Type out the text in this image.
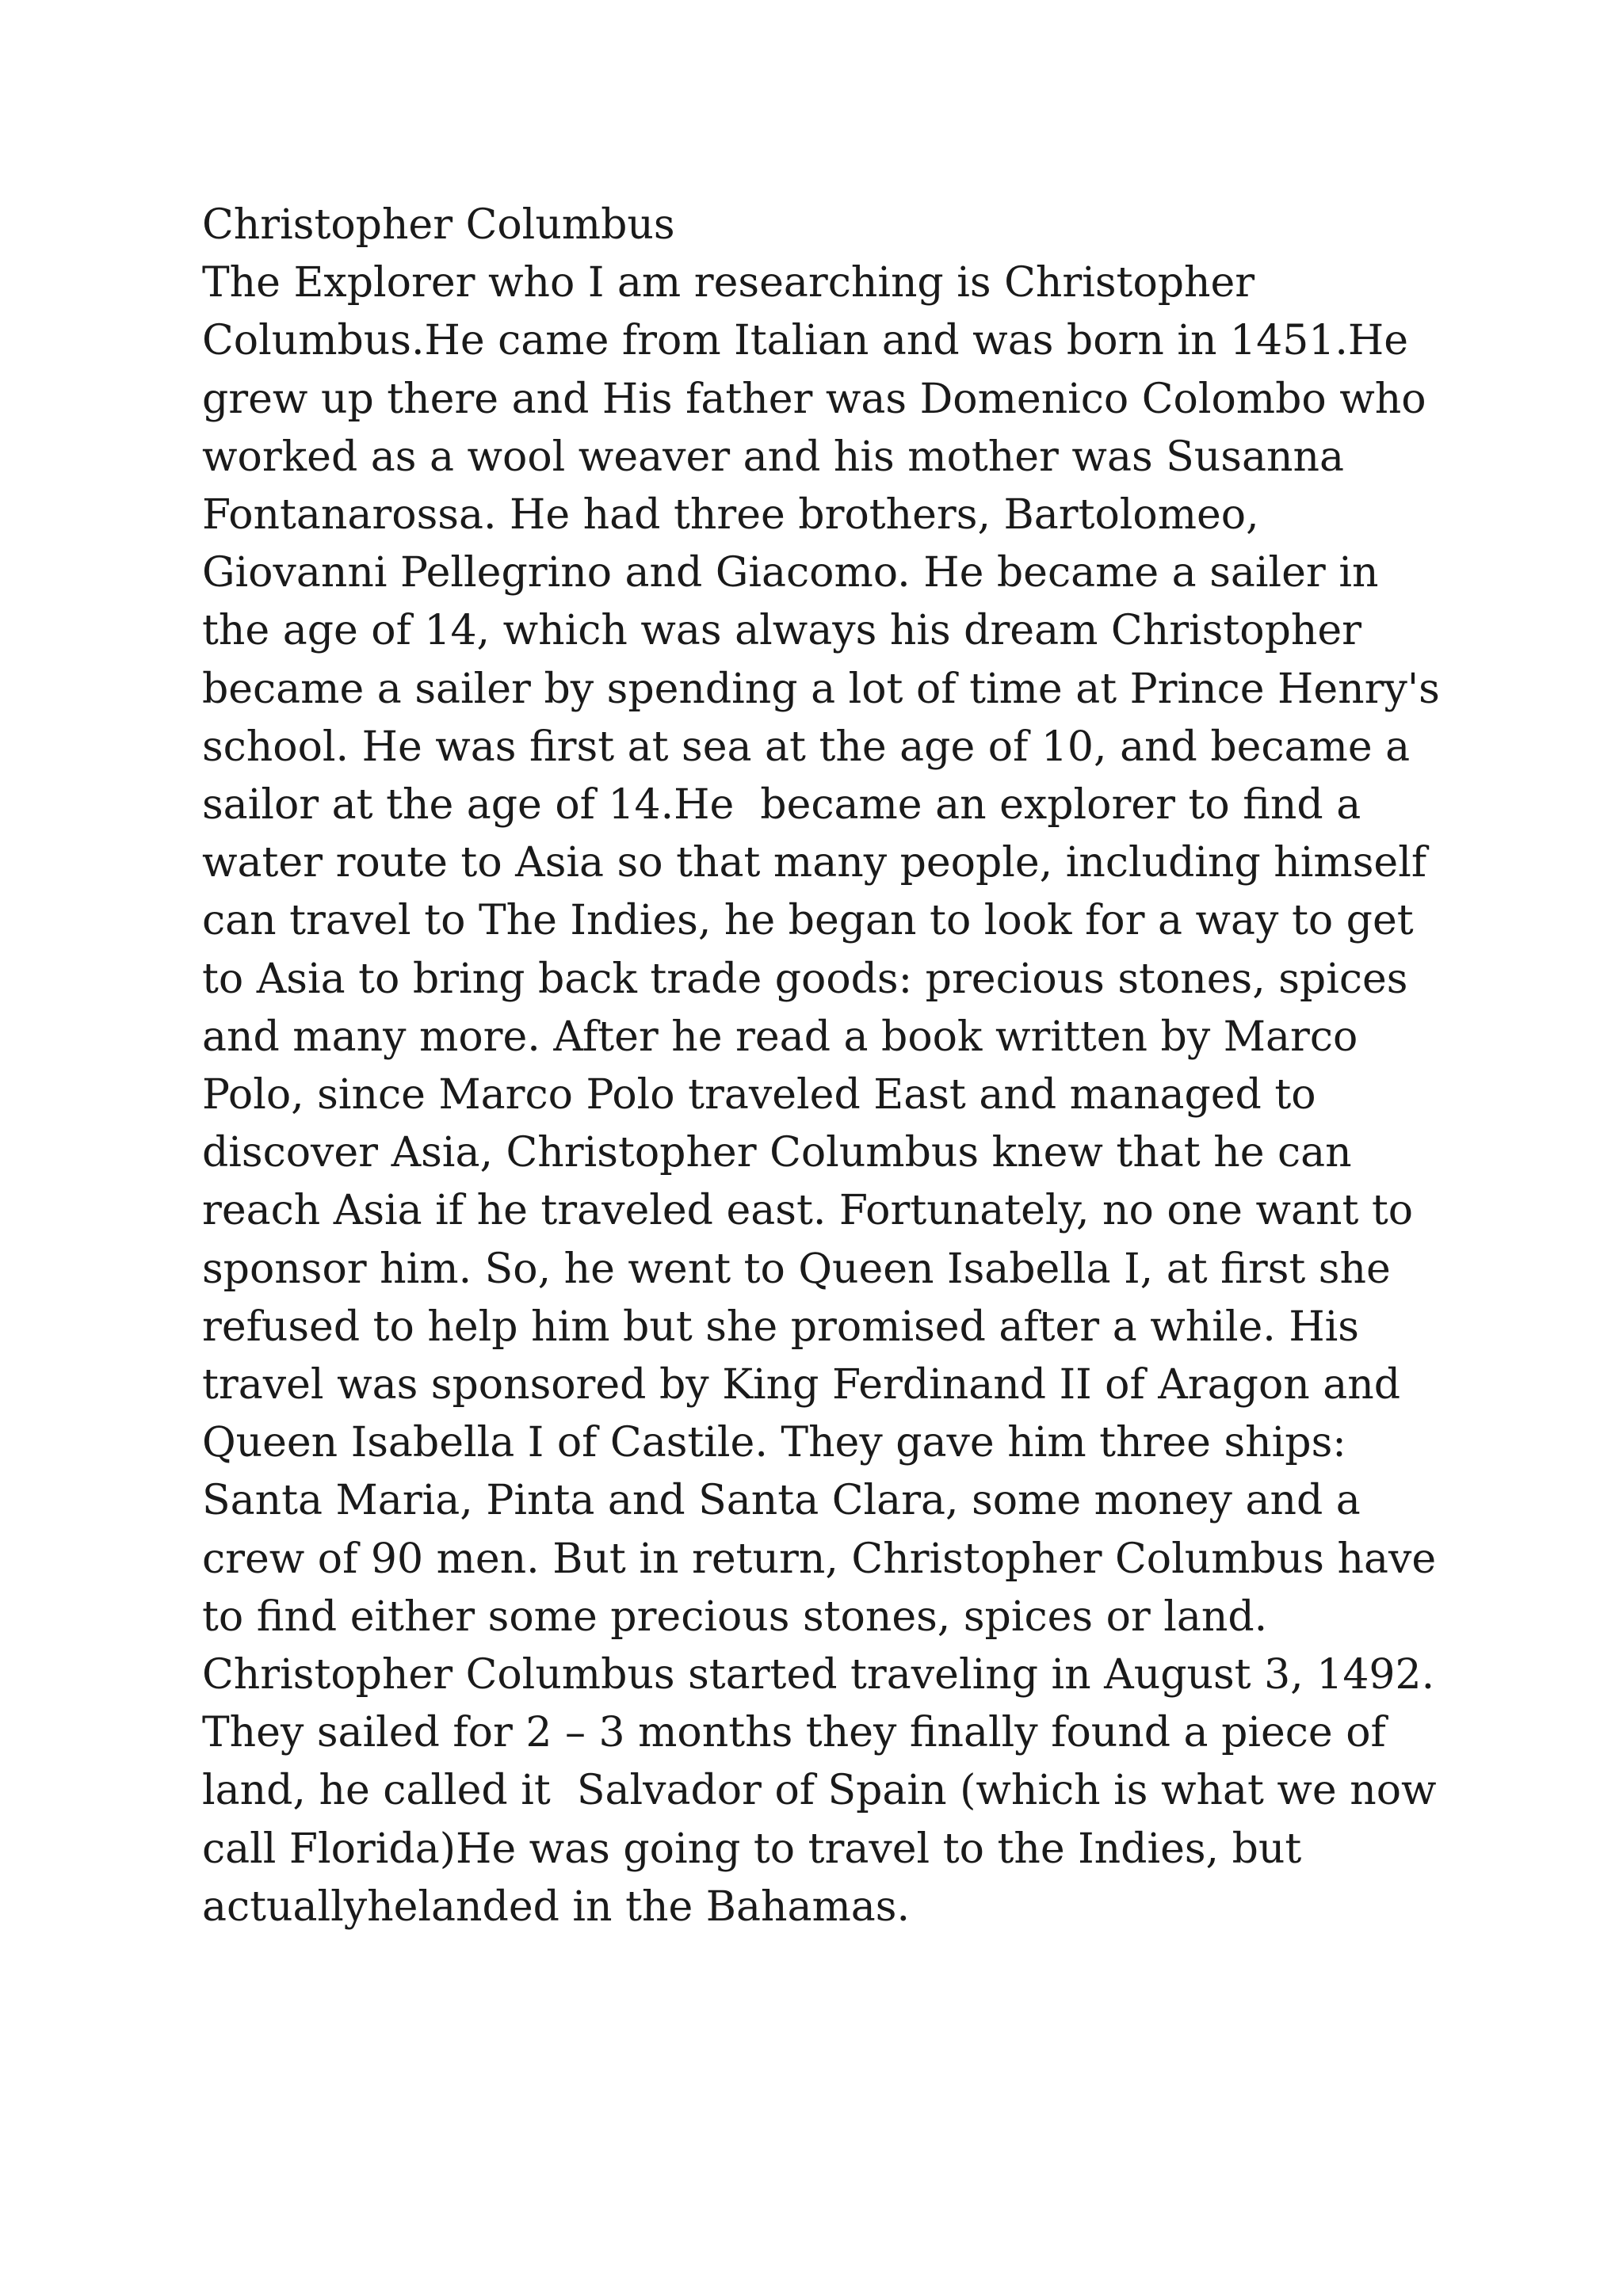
Christopher Columbus
The Explorer who I am researching is Christopher
Columbus.He came from Italian and was born in 1451.He
grew up there and His father was Domenico Colombo who
worked as a wool weaver and his mother was Susanna
Fontanarossa. He had three brothers, Bartolomeo,
Giovanni Pellegrino and Giacomo. He became a sailer in
the age of 14, which was always his dream Christopher
became a sailer by spending a lot of time at Prince Henry's
school. He was first at sea at the age of 10, and became a
sailor at the age of 14.He  became an explorer to find a
water route to Asia so that many people, including himself
can travel to The Indies, he began to look for a way to get
to Asia to bring back trade goods: precious stones, spices
and many more. After he read a book written by Marco
Polo, since Marco Polo traveled East and managed to
discover Asia, Christopher Columbus knew that he can
reach Asia if he traveled east. Fortunately, no one want to
sponsor him. So, he went to Queen Isabella I, at first she
refused to help him but she promised after a while. His
travel was sponsored by King Ferdinand II of Aragon and
Queen Isabella I of Castile. They gave him three ships:
Santa Maria, Pinta and Santa Clara, some money and a
crew of 90 men. But in return, Christopher Columbus have
to find either some precious stones, spices or land.
Christopher Columbus started traveling in August 3, 1492.
They sailed for 2 – 3 months they finally found a piece of
land, he called it  Salvador of Spain (which is what we now
call Florida)He was going to travel to the Indies, but
actuallyhelanded in the Bahamas.
